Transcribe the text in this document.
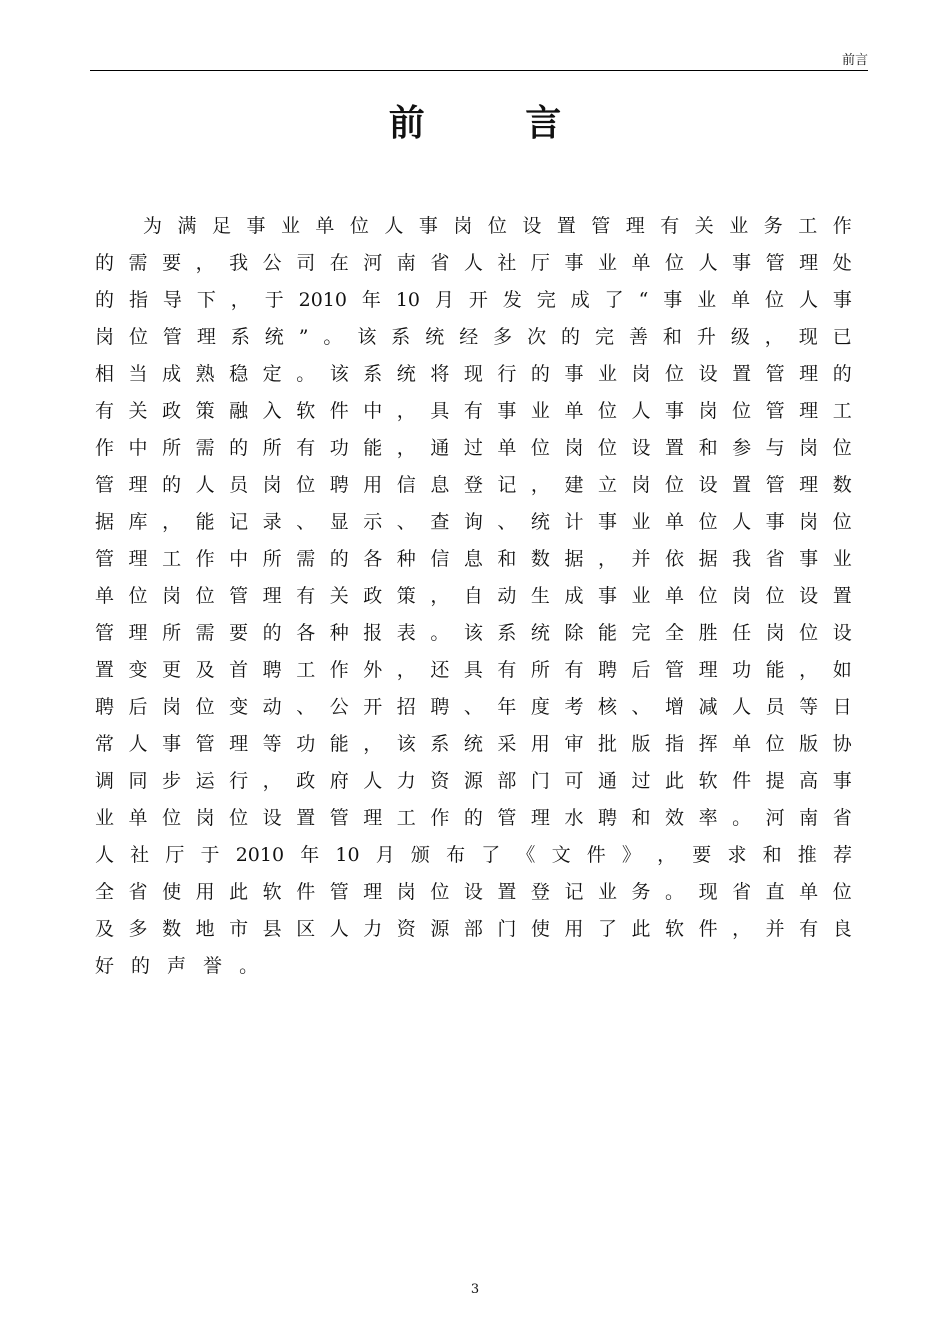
前言
前 言
为 满 足 事 业 单 位 人 事 岗 位 设 置 管 理 有 关 业 务 工 作
的 需 要 ， 我 公 司 在 河 南 省 人 社 厅 事 业 单 位 人 事 管 理 处
的 指 导 下 ， 于 2010 年 10 月 开 发 完 成 了 “ 事 业 单 位 人 事
岗 位 管 理 系 统 ” 。 该 系 统 经 多 次 的 完 善 和 升 级 ， 现 已
相 当 成 熟 稳 定 。 该 系 统 将 现 行 的 事 业 岗 位 设 置 管 理 的
有 关 政 策 融 入 软 件 中 ， 具 有 事 业 单 位 人 事 岗 位 管 理 工
作 中 所 需 的 所 有 功 能 ， 通 过 单 位 岗 位 设 置 和 参 与 岗 位
管 理 的 人 员 岗 位 聘 用 信 息 登 记 ， 建 立 岗 位 设 置 管 理 数
据 库 ， 能 记 录 、 显 示 、 查 询 、 统 计 事 业 单 位 人 事 岗 位
管 理 工 作 中 所 需 的 各 种 信 息 和 数 据 ， 并 依 据 我 省 事 业
单 位 岗 位 管 理 有 关 政 策 ， 自 动 生 成 事 业 单 位 岗 位 设 置
管 理 所 需 要 的 各 种 报 表 。 该 系 统 除 能 完 全 胜 任 岗 位 设
置 变 更 及 首 聘 工 作 外 ， 还 具 有 所 有 聘 后 管 理 功 能 ， 如
聘 后 岗 位 变 动 、 公 开 招 聘 、 年 度 考 核 、 增 减 人 员 等 日
常 人 事 管 理 等 功 能 ， 该 系 统 采 用 审 批 版 指 挥 单 位 版 协
调 同 步 运 行 ， 政 府 人 力 资 源 部 门 可 通 过 此 软 件 提 高 事
业 单 位 岗 位 设 置 管 理 工 作 的 管 理 水 聘 和 效 率 。 河 南 省
人 社 厅 于 2010 年 10 月 颁 布 了 《 文 件 》 ， 要 求 和 推 荐
全 省 使 用 此 软 件 管 理 岗 位 设 置 登 记 业 务 。 现 省 直 单 位
及 多 数 地 市 县 区 人 力 资 源 部 门 使 用 了 此 软 件 ， 并 有 良
好 的 声 誉 。
3
